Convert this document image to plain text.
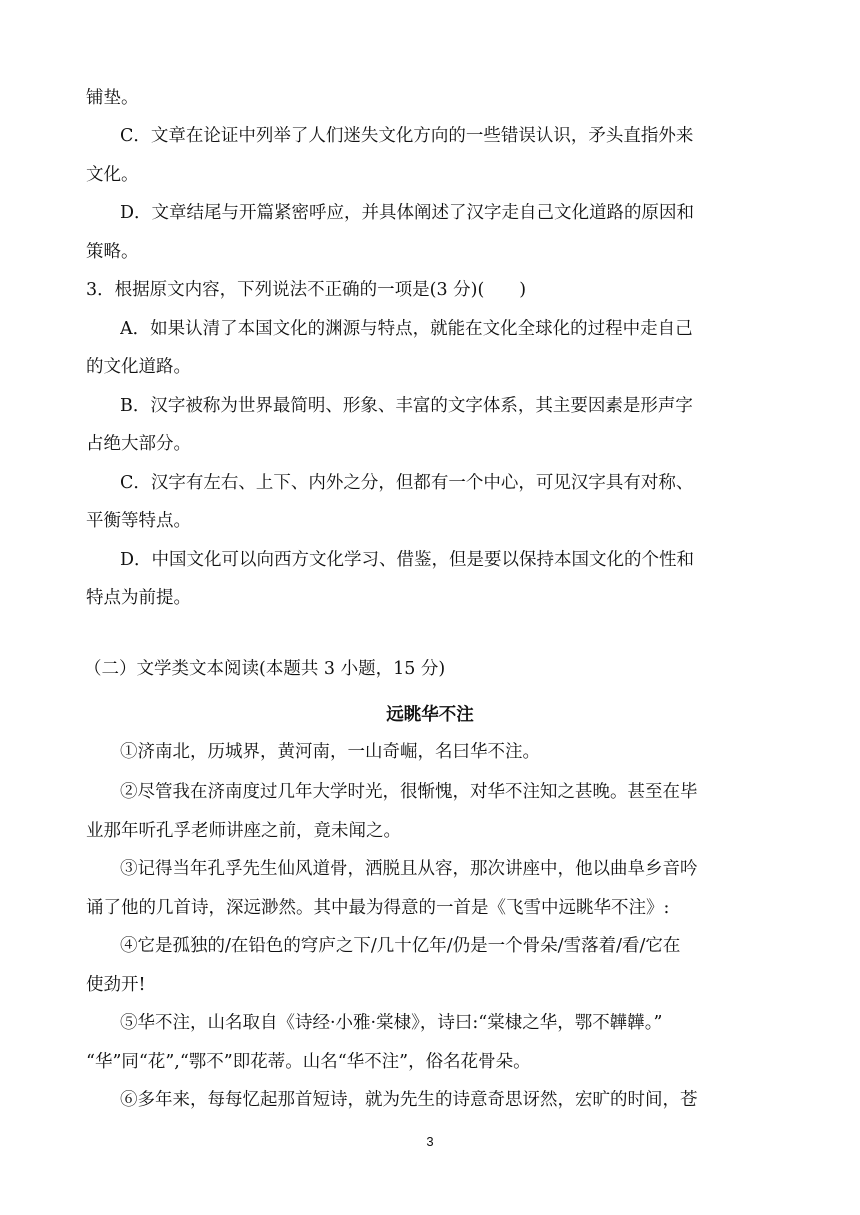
铺垫。
C．文章在论证中列举了人们迷失文化方向的一些错误认识，矛头直指外来
文化。
D．文章结尾与开篇紧密呼应，并具体阐述了汉字走自己文化道路的原因和
策略。
3．根据原文内容，下列说法不正确的一项是(3 分)(　　)
A．如果认清了本国文化的渊源与特点，就能在文化全球化的过程中走自己
的文化道路。
B．汉字被称为世界最简明、形象、丰富的文字体系，其主要因素是形声字
占绝大部分。
C．汉字有左右、上下、内外之分，但都有一个中心，可见汉字具有对称、
平衡等特点。
D．中国文化可以向西方文化学习、借鉴，但是要以保持本国文化的个性和
特点为前提。
（二）文学类文本阅读(本题共 3 小题，15 分)
远眺华不注
①济南北，历城界，黄河南，一山奇崛，名曰华不注。
②尽管我在济南度过几年大学时光，很惭愧，对华不注知之甚晚。甚至在毕
业那年听孔孚老师讲座之前，竟未闻之。
③记得当年孔孚先生仙风道骨，洒脱且从容，那次讲座中，他以曲阜乡音吟
诵了他的几首诗，深远渺然。其中最为得意的一首是《飞雪中远眺华不注》:
④它是孤独的/在铅色的穹庐之下/几十亿年/仍是一个骨朵/雪落着/看/它在
使劲开!
⑤华不注，山名取自《诗经·小雅·棠棣》，诗曰:“棠棣之华，鄂不韡韡。”
“华”同“花”,“鄂不”即花蒂。山名“华不注”，俗名花骨朵。
⑥多年来，每每忆起那首短诗，就为先生的诗意奇思讶然，宏旷的时间，苍
3
